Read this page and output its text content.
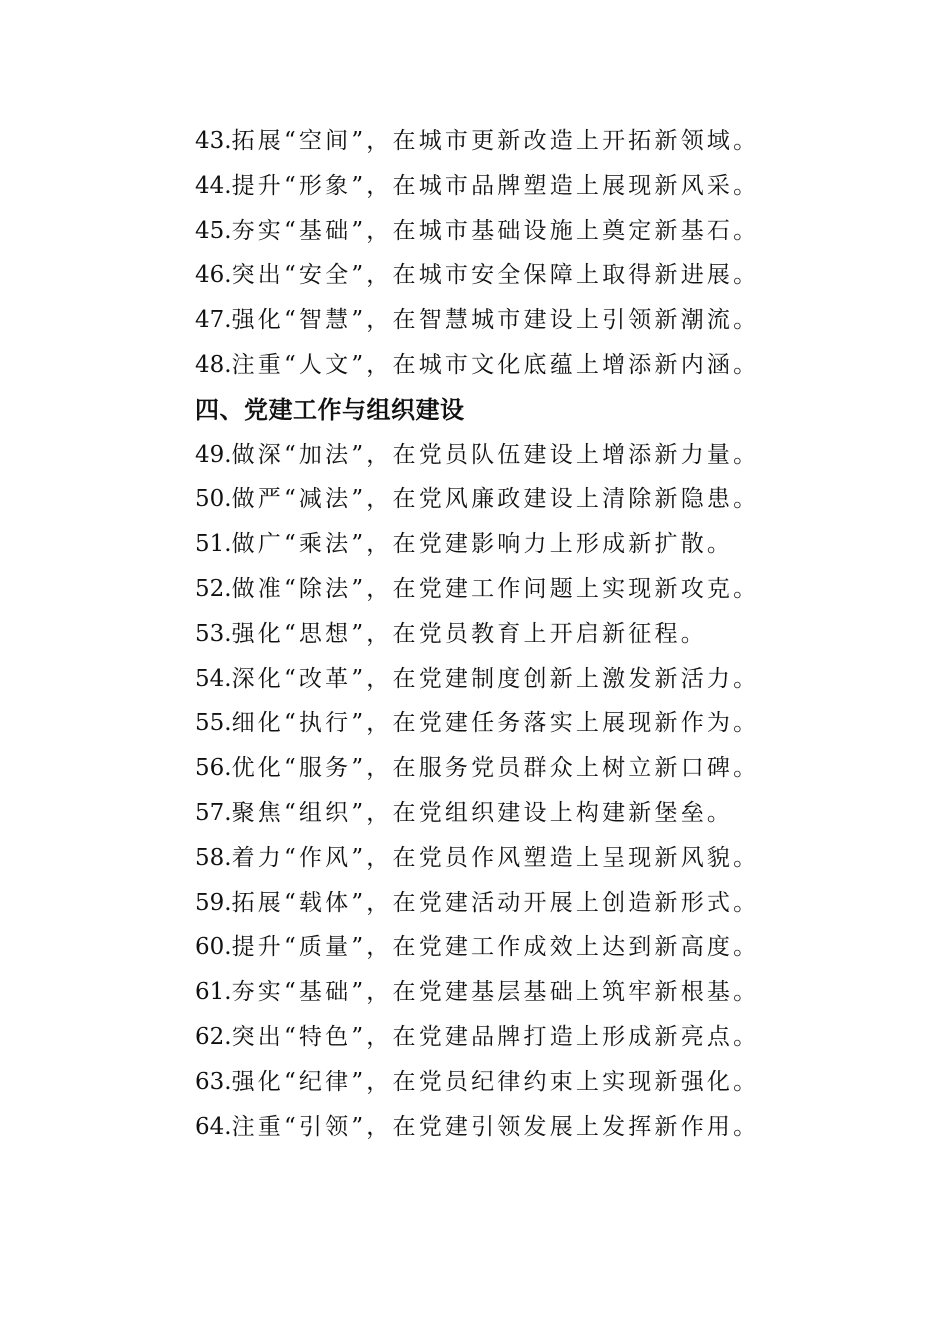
43.拓展“空间”，在城市更新改造上开拓新领域。
44.提升“形象”，在城市品牌塑造上展现新风采。
45.夯实“基础”，在城市基础设施上奠定新基石。
46.突出“安全”，在城市安全保障上取得新进展。
47.强化“智慧”，在智慧城市建设上引领新潮流。
48.注重“人文”，在城市文化底蕴上增添新内涵。
四、党建工作与组织建设
49.做深“加法”，在党员队伍建设上增添新力量。
50.做严“减法”，在党风廉政建设上清除新隐患。
51.做广“乘法”，在党建影响力上形成新扩散。
52.做准“除法”，在党建工作问题上实现新攻克。
53.强化“思想”，在党员教育上开启新征程。
54.深化“改革”，在党建制度创新上激发新活力。
55.细化“执行”，在党建任务落实上展现新作为。
56.优化“服务”，在服务党员群众上树立新口碑。
57.聚焦“组织”，在党组织建设上构建新堡垒。
58.着力“作风”，在党员作风塑造上呈现新风貌。
59.拓展“载体”，在党建活动开展上创造新形式。
60.提升“质量”，在党建工作成效上达到新高度。
61.夯实“基础”，在党建基层基础上筑牢新根基。
62.突出“特色”，在党建品牌打造上形成新亮点。
63.强化“纪律”，在党员纪律约束上实现新强化。
64.注重“引领”，在党建引领发展上发挥新作用。
